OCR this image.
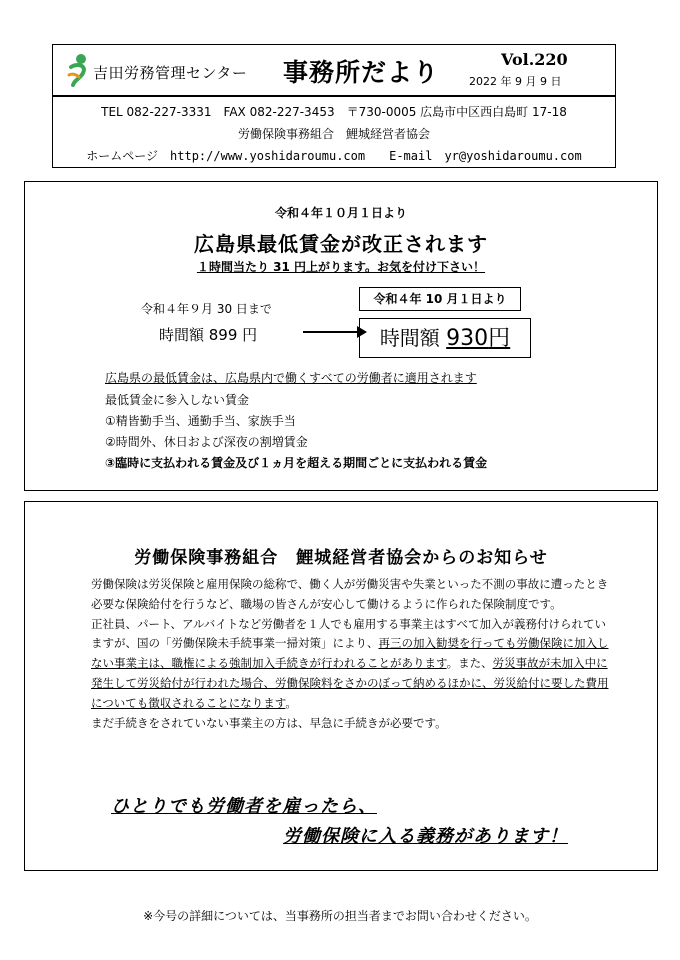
吉田労務管理センター 事務所だより	Vol.220
2022 年 9 月 9 日
TEL 082-227-3331　FAX 082-227-3453　〒730-0005 広島市中区西白島町 17-18
労働保険事務組合　鯉城経営者協会
ホームページ　http://www.yoshidaroumu.com　　E-mail　yr@yoshidaroumu.com
令和４年１０月１日より
広島県最低賃金が改正されます
１時間当たり 31 円上がります。お気を付け下さい！
令和４年９月 30 日まで
時間額 899 円
令和４年 10 月１日より
時間額 930円
広島県の最低賃金は、広島県内で働くすべての労働者に適用されます
最低賃金に参入しない賃金
①精皆勤手当、通勤手当、家族手当
②時間外、休日および深夜の割増賃金
③臨時に支払われる賃金及び１ヵ月を超える期間ごとに支払われる賃金
労働保険事務組合　鯉城経営者協会からのお知らせ

労働保険は労災保険と雇用保険の総称で、働く人が労働災害や失業といった不測の事故に遭ったとき必要な保険給付を行うなど、職場の皆さんが安心して働けるように作られた保険制度です。

正社員、パート、アルバイトなど労働者を１人でも雇用する事業主はすべて加入が義務付けられていますが、国の「労働保険未手続事業一掃対策」により、再三の加入勧奨を行っても労働保険に加入しない事業主は、職権による強制加入手続きが行われることがあります。また、労災事故が未加入中に発生して労災給付が行われた場合、労働保険料をさかのぼって納めるほかに、労災給付に要した費用についても徴収されることになります。

まだ手続きをされていない事業主の方は、早急に手続きが必要です。

ひとりでも労働者を雇ったら、
労働保険に入る義務があります！
※今号の詳細については、当事務所の担当者までお問い合わせください。
